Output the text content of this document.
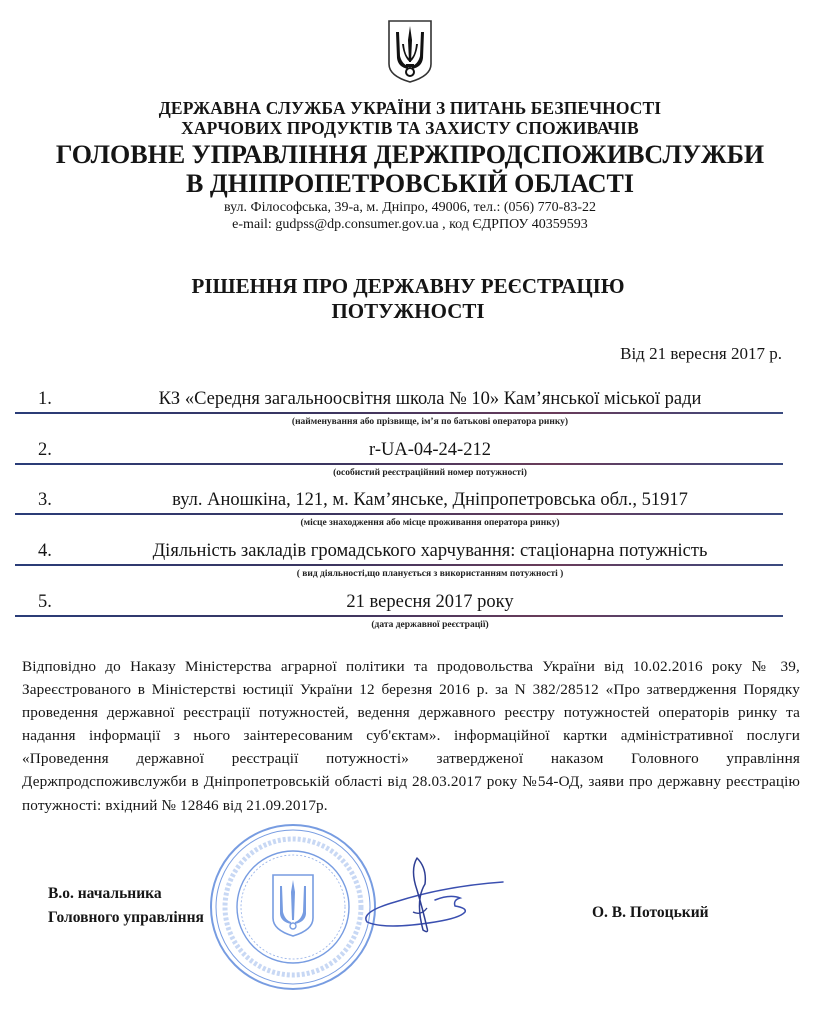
ДЕРЖАВНА СЛУЖБА УКРАЇНИ З ПИТАНЬ БЕЗПЕЧНОСТІ
ХАРЧОВИХ ПРОДУКТІВ ТА ЗАХИСТУ СПОЖИВАЧІВ
ГОЛОВНЕ УПРАВЛІННЯ ДЕРЖПРОДСПОЖИВСЛУЖБИ
В ДНІПРОПЕТРОВСЬКІЙ ОБЛАСТІ
вул. Філософська, 39-а, м. Дніпро, 49006, тел.: (056) 770-83-22
e-mail: gudpss@dp.consumer.gov.ua , код ЄДРПОУ 40359593
РІШЕННЯ ПРО ДЕРЖАВНУ РЕЄСТРАЦІЮ
ПОТУЖНОСТІ
Від 21 вересня 2017 р.
1.	КЗ «Середня загальноосвітня школа № 10» Кам’янської міської ради
(найменування або прізвище, ім’я по батькові оператора ринку)
2.	r-UA-04-24-212
(особистий реєстраційний номер потужності)
3.	вул. Аношкіна, 121, м. Кам’янське, Дніпропетровська обл., 51917
(місце знаходження або місце проживання оператора ринку)
4.	Діяльність закладів громадського харчування: стаціонарна потужність
( вид діяльності,що планується з використанням потужності )
5.	21 вересня 2017 року
(дата державної реєстрації)
Відповідно до Наказу Міністерства аграрної політики та продовольства України від 10.02.2016 року № 39, Зареєстрованого в Міністерстві юстиції України 12 березня 2016 р. за N 382/28512 «Про затвердження Порядку проведення державної реєстрації потужностей, ведення державного реєстру потужностей операторів ринку та надання інформації з нього заінтересованим суб'єктам». інформаційної картки адміністративної послуги «Проведення державної реєстрації потужності» затвердженої наказом Головного управління Держпродспоживслужби в Дніпропетровській області від 28.03.2017 року №54-ОД, заяви про державну реєстрацію потужності: вхідний № 12846 від 21.09.2017р.
В.о. начальника
Головного управління	О. В. Потоцький
